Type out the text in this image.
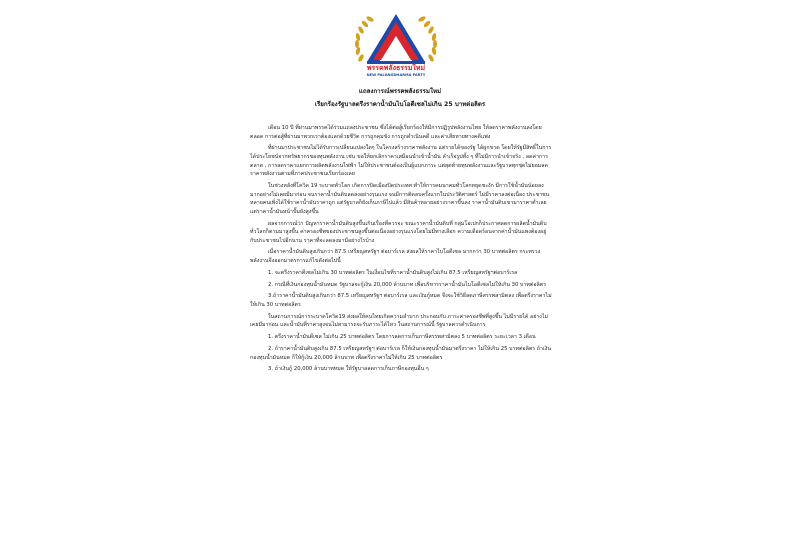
พรรคพลังธรรมใหม่
NEW PALANGDHARMA PARTY
แถลงการณ์พรรคพลังธรรมใหม่
เรียกร้องรัฐบาลตรึงราคาน้ำมันไบโอดีเซลไม่เกิน 25 บาทต่อลิตร

เดือน 10 ปี ที่ผ่านมาพรรคได้ร่วมแถลงประชาชน ซึ่งได้ต่อสู้เรียกร้องให้มีการปฏิรูปพลังงานไทย ให้ลดราคาพลังงานลงโดยตลอด การต่อสู้ที่ผ่านมาพวกเราต้องแลกด้วยชีวิต การถูกคุมขัง การถูกดำเนินคดี และค่าเสียหายทางคดีแพ่ง

ที่ผ่านมาประชาชนไม่ได้รับการเปลี่ยนแปลงใดๆ ในโครงสร้างราคาพลังงาน แต่รายได้ของรัฐ ได้ผูกขาด โดยให้รัฐมีสิทธิ์ในการได้ประโยชน์จากทรัพยากรของทุนพลังงาน เช่น ขอให้ยกเลิกราคาเสมือนนำเข้าน้ำมัน ลำเร็จรูปทั้ง ๆ ที่ไม่มีการนำเข้าจริง , ลดค่าการตลาด , การลดราคาแยกการผลิตพลังงานไฟฟ้า ไม่ให้ประชาชนต้องเป็นผู้แบกภาระ แต่สุดท้ายทุนพลังงานและรัฐบาลทุกชุดไม่ยอมลดราคาพลังงานตามที่ภาคประชาชนเรียกร้องเลย

ในช่วงหลังที่โควิด 19 ระบาดทั่วโลก เกิดการปิดเมืองปิดประเทศ ทำให้การคมนาคมทั่วโลกหยุดชะงัก มีการใช้น้ำมันน้อยลงมากอย่างไม่เคยมีมาก่อน จนราคาน้ำมันดิบลดลงอย่างรุนแรง จนมีการติดลบครั้งแรกในประวัติศาสตร์ ไม่มีราคาลงต่อเนื่อง ประชาชนหลายคนเพิ่งได้ใช้ราคาน้ำมันราคาถูก แต่รัฐบาลก็ยังเก็บภาษีไปแล้ว มีสินค้าหลายอย่างราคาขึ้นลง ราคาน้ำมันดิบเขามาราคาต่ำเลย แต่ราคาน้ำมันหน้าปั๊มยังสูงขึ้น

ผลจากการณ์ว่า ปัญหาราคาน้ำมันดิบสูงขึ้นเกินเรื่องที่ควรจะ ขณะราคาน้ำมันดิบที่ กลุ่มโอเปกก็ประกาศลดการผลิตน้ำมันดิบ ทั่วโลกก็ตามมาสูงขึ้น ค่าครองชีพของประชาชนสูงขึ้นต่อเนื่องอย่างรุนแรงโดยไม่มีทางเลือก ความเดือดร้อนจากค่าน้ำมันแพงต้องอยู่กับประชาชนไปอีกนาน ราคาที่จะลดลงมามีอย่างไรบ้าง

เมื่อราคาน้ำมันดิบสูงเกินกว่า 87.5 เหรียญสหรัฐฯ ต่อบาร์เรล ส่งผลให้ราคาไบโอดีเซล มากกว่า 30 บาทต่อลิตร กระทรวงพลังงานจึงออกมาตรการแก้ไขดังต่อไปนี้

1. จะตรึงราคาดีเซลไม่เกิน 30 บาทต่อลิตร ในเงื่อนไขที่ราคาน้ำมันดิบสูงไม่เกิน 87.5 เหรียญสหรัฐฯต่อบาร์เรล

2. กรณีที่เงินกองทุนน้ำมันหมด รัฐบาลจะกู้เงิน 20,000 ล้านบาท เพื่อบริหารราคาน้ำมันไบโอดีเซลไม่ให้เกิน 30 บาทต่อลิตร

3.ถ้าราคาน้ำมันดิบสูงเกินกว่า 87.5 เหรียญสหรัฐฯ ต่อบาร์เรล และเงินกู้หมด จึงจะใช้วิธีลดภาษีสรรพสามิตลง เพื่อตรึงราคาไม่ให้เกิน 30 บาทต่อลิตร

ในสถานการณ์การระบาดโควิด19 ส่งผลให้คนไทยเกิดความลำบาก ประกอบกับ ภาระค่าครองชีพที่สูงขึ้น ไม่มีรายได้ อย่างไม่เคยมีมาก่อน และน้ำมันที่ราคาสูงจนไม่สามารถจะรับภาระได้ไหว ในสถานการณ์นี้ รัฐบาลควรดำเนินการ

1. ตรึงราคาน้ำมันดีเซล ไม่เกิน 25 บาทต่อลิตร โดยการลดการเก็บภาษีสรรพสามิตลง 5 บาทต่อลิตร ระยะเวลา 3 เดือน

2. ถ้าราคาน้ำมันดิบสูงเกิน 87.5 เหรียญสหรัฐฯ ต่อบาร์เรล ก็ให้เงินกองทุนน้ำมันมาตรึงราคา ไม่ให้เกิน 25 บาทต่อลิตร ถ้าเงินกองทุนน้ำมันหมด ก็ให้กู้เงิน 20,000 ล้านบาท เพื่อตรึงราคาไม่ให้เกิน 25 บาทต่อลิตร

3. ถ้าเงินกู้ 20,000 ล้านบาทหมด ให้รัฐบาลลดการเก็บภาษีกองทุนอื่น ๆ
